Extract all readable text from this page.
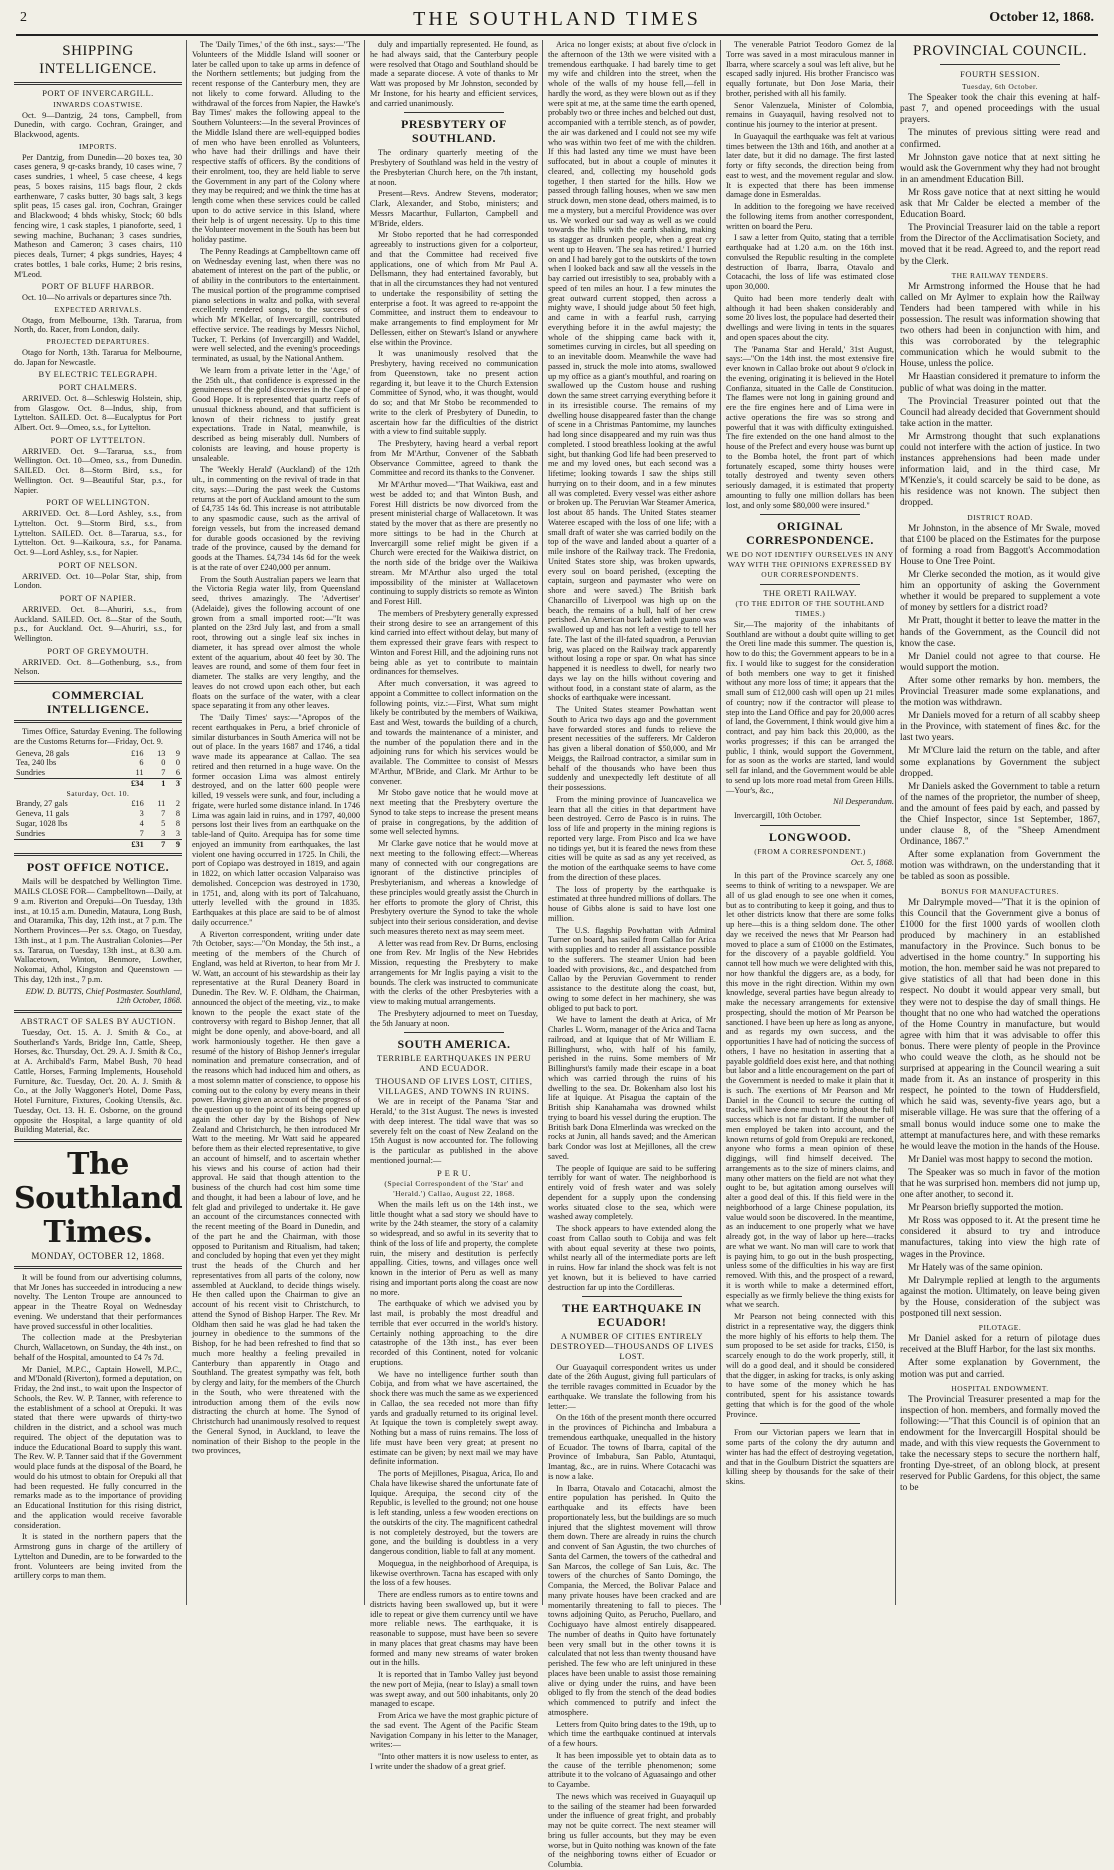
2	THE SOUTHLAND TIMES	October 12, 1868.
SHIPPING INTELLIGENCE.
PORT OF INVERCARGILL.
INWARDS COASTWISE.

Oct. 9—Dantzig, 24 tons, Campbell, from Dunedin, with cargo. Cochran, Grainger, and Blackwood, agents.

IMPORTS.

Per Dantzig, from Dunedin—20 boxes tea, 30 cases genera, 9 qr-casks brandy, 10 cases wine, 7 cases sundries, 1 wheel, 5 case cheese, 4 kegs peas, 5 boxes raisins, 115 bags flour, 2 ckds earthenware, 7 casks butter, 30 bags salt, 3 kegs split peas, 15 cases gal. iron, Cochran, Grainger and Blackwood; 4 bhds whisky, Stock; 60 bdls fencing wire, 1 cask staples, 1 pianoforte, seed, 1 sewing machine, Buchanan; 3 cases sundries, Matheson and Cameron; 3 cases chairs, 110 pieces deals, Turner; 4 pkgs sundries, Hayes; 4 crates bottles, 1 bale corks, Hume; 2 bris resins, M'Leod.

PORT OF BLUFF HARBOR.

Oct. 10—No arrivals or departures since 7th.

EXPECTED ARRIVALS.

Otago, from Melbourne, 13th. Tararua, from North, do. Racer, from London, daily.

PROJECTED DEPARTURES.

Otago for North, 13th. Tararua for Melbourne, do. Japan for Newcastle.

BY ELECTRIC TELEGRAPH.
PORT CHALMERS.

ARRIVED. Oct. 8—Schleswig Holstein, ship, from Glasgow. Oct. 8—Indus, ship, from Lyttelton. SAILED. Oct. 8—Eucalyptus for Port Albert. Oct. 9—Omeo, s.s., for Lyttelton.

PORT OF LYTTELTON.

ARRIVED. Oct. 9—Tararua, s.s., from Wellington. Oct. 10—Omeo, s.s., from Dunedin. SAILED. Oct. 8—Storm Bird, s.s., for Wellington. Oct. 9—Beautiful Star, p.s., for Napier.

PORT OF WELLINGTON.

ARRIVED. Oct. 8—Lord Ashley, s.s., from Lyttelton. Oct. 9—Storm Bird, s.s., from Lyttelton. SAILED. Oct. 8—Tararua, s.s., for Lyttelton. Oct. 9—Kaikoura, s.s., for Panama. Oct. 9—Lord Ashley, s.s., for Napier.

PORT OF NELSON.

ARRIVED. Oct. 10—Polar Star, ship, from London.

PORT OF NAPIER.

ARRIVED. Oct. 8—Ahuriri, s.s., from Auckland. SAILED. Oct. 8—Star of the South, p.s., for Auckland. Oct. 9—Ahuriri, s.s., for Wellington.

PORT OF GREYMOUTH.

ARRIVED. Oct. 8—Gothenburg, s.s., from Nelson.

COMMERCIAL INTELLIGENCE.

Times Office, Saturday Evening. The following are the Customs Returns for—Friday, Oct. 9.

Geneva, 28 gals	£16	13	9
Tea, 240 lbs	6	0	0
Sundries	11	7	6
	£34	1	3
Saturday, Oct. 10.
Brandy, 27 gals	£16	11	2
Geneva, 11 gals	3	7	8
Sugar, 1028 lbs	4	5	8
Sundries	7	3	3
	£31	7	9
POST OFFICE NOTICE.

Mails will be despatched by Wellington Time. MAILS CLOSE FOR— Campbelltown—Daily, at 9 a.m. Riverton and Orepuki—On Tuesday, 13th inst., at 10.15 a.m. Dunedin, Mataura, Long Bush, and Otaramika, This day, 12th inst., at 7 p.m. The Northern Provinces—Per s.s. Otago, on Tuesday, 13th inst., at 1 p.m. The Australian Colonies—Per s.s. Tararua, on Tuesday, 13th inst., at 8.30 a.m. Wallacetown, Winton, Benmore, Lowther, Nokomai, Athol, Kingston and Queenstown —This day, 12th inst., 7 p.m.

EDW. D. BUTTS, Chief Postmaster. Southland, 12th October, 1868.
ABSTRACT OF SALES BY AUCTION.

Tuesday, Oct. 15. A. J. Smith & Co., at Southerland's Yards, Bridge Inn, Cattle, Sheep, Horses, &c. Thursday, Oct. 29. A. J. Smith & Co., at A. Archibald's Farm, Mabel Bush, 70 head Cattle, Horses, Farming Implements, Household Furniture, &c. Tuesday, Oct. 20. A. J. Smith & Co., at the Jolly Waggoner's Hotel, Dome Pass, Hotel Furniture, Fixtures, Cooking Utensils, &c. Tuesday, Oct. 13. H. E. Osborne, on the ground opposite the Hospital, a large quantity of old Building Material, &c.

The Southland Times.
MONDAY, OCTOBER 12, 1868.

It will be found from our advertising columns, that Mr Jones has succeeded in introducing a new novelty. The Lenton Troupe are announced to appear in the Theatre Royal on Wednesday evening. We understand that their performances have proved successful in other localities.

The collection made at the Presbyterian Church, Wallacetown, on Sunday, the 4th inst., on behalf of the Hospital, amounted to £4 7s 7d.

Mr Daniel, M.P.C., Captain Howell, M.P.C., and M'Donald (Riverton), formed a deputation, on Friday, the 2nd inst., to wait upon the Inspector of Schools, the Rev. W. P. Tanner, with reference to the establishment of a school at Orepuki. It was stated that there were upwards of thirty-two children in the district, and a school was much required. The object of the deputation was to induce the Educational Board to supply this want. The Rev. W. P. Tanner said that if the Government would place funds at the disposal of the Board, he would do his utmost to obtain for Orepuki all that had been requested. He fully concurred in the remarks made as to the importance of providing an Educational Institution for this rising district, and the application would receive favorable consideration.

It is stated in the northern papers that the Armstrong guns in charge of the artillery of Lyttelton and Dunedin, are to be forwarded to the front. Volunteers are being invited from the artillery corps to man them.

The 'Daily Times,' of the 6th inst., says:—"The Volunteers of the Middle Island will sooner or later be called upon to take up arms in defence of the Northern settlements; but judging from the recent response of the Canterbury men, they are not likely to come forward. Alluding to the withdrawal of the forces from Napier, the Hawke's Bay Times' makes the following appeal to the Southern Volunteers:—In the several Provinces of the Middle Island there are well-equipped bodies of men who have been enrolled as Volunteers, who have had their drillings and have their respective staffs of officers. By the conditions of their enrolment, too, they are held liable to serve the Government in any part of the Colony where they may be required; and we think the time has at length come when these services could be called upon to do active service in this Island, where their help is of urgent necessity. Up to this time the Volunteer movement in the South has been but holiday pastime.

The Penny Readings at Campbelltown came off on Wednesday evening last, when there was no abatement of interest on the part of the public, or of ability in the contributors to the entertainment. The musical portion of the programme comprised piano selections in waltz and polka, with several excellently rendered songs, to the success of which Mr M'Kellar, of Invercargill, contributed effective service. The readings by Messrs Nichol, Tucker, T. Perkins (of Invercargill) and Waddel, were well selected, and the evening's proceedings terminated, as usual, by the National Anthem.

We learn from a private letter in the 'Age,' of the 25th ult., that confidence is expressed in the genuineness of the gold discoveries in the Cape of Good Hope. It is represented that quartz reefs of unusual thickness abound, and that sufficient is known of their richness to justify great expectations. Trade in Natal, meanwhile, is described as being miserably dull. Numbers of colonists are leaving, and house property is unsaleable.

The 'Weekly Herald' (Auckland) of the 12th ult., in commenting on the revival of trade in that city, says:—During the past week the Customs returns at the port of Auckland amount to the sum of £4,735 14s 6d. This increase is not attributable to any spasmodic cause, such as the arrival of foreign vessels, but from the increased demand for durable goods occasioned by the reviving trade of the province, caused by the demand for goods at the Thames. £4,734 14s 6d for the week is at the rate of over £240,000 per annum.

From the South Australian papers we learn that the Victoria Regia water lily, from Queensland seed, thrives amazingly. The 'Advertiser' (Adelaide), gives the following account of one grown from a small imported root:—"It was planted on the 23rd July last, and from a small root, throwing out a single leaf six inches in diameter, it has spread over almost the whole extent of the aquarium, about 40 feet by 30. The leaves are round, and some of them four feet in diameter. The stalks are very lengthy, and the leaves do not crowd upon each other, but each floats on the surface of the water, with a clear space separating it from any other leaves.

The 'Daily Times' says:—"Apropos of the recent earthquakes in Peru, a brief chronicle of similar disturbances in South America will not be out of place. In the years 1687 and 1746, a tidal wave made its appearance at Callao. The sea retired and then returned in a huge wave. On the former occasion Lima was almost entirely destroyed, and on the latter 600 people were killed, 19 vessels were sunk, and four, including a frigate, were hurled some distance inland. In 1746 Lima was again laid in ruins, and in 1797, 40,000 persons lost their lives from an earthquake on the table-land of Quito. Arequipa has for some time enjoyed an immunity from earthquakes, the last violent one having occurred in 1725. In Chili, the port of Copiapo was destroyed in 1819, and again in 1822, on which latter occasion Valparaiso was demolished. Concepcion was destroyed in 1730, in 1751, and, along with its port of Talcahuano, utterly levelled with the ground in 1835. Earthquakes at this place are said to be of almost daily occurrence."

A Riverton correspondent, writing under date 7th October, says:—"On Monday, the 5th inst., a meeting of the members of the Church of England, was held at Riverton, to hear from Mr J. W. Watt, an account of his stewardship as their lay representative at the Rural Deanery Board in Dunedin. The Rev. W. F. Oldham, the Chairman, announced the object of the meeting, viz., to make known to the people the exact state of the controversy with regard to Bishop Jenner, that all might be done openly, and above-board, and all work harmoniously together. He then gave a resumé of the history of Bishop Jenner's irregular nomination and premature consecration, and of the reasons which had induced him and others, as a most solemn matter of conscience, to oppose his coming out to the colony by every means in their power. Having given an account of the progress of the question up to the point of its being opened up again the other day by the Bishops of New Zealand and Christchurch, he then introduced Mr Watt to the meeting. Mr Watt said he appeared before them as their elected representative, to give an account of himself, and to ascertain whether his views and his course of action had their approval. He said that though attention to the business of the church had cost him some time and thought, it had been a labour of love, and he felt glad and privileged to undertake it. He gave an account of the circumstances connected with the recent meeting of the Board in Dunedin, and of the part he and the Chairman, with those opposed to Puritanism and Ritualism, had taken; and concluded by hoping that even yet they might trust the heads of the Church and her representatives from all parts of the colony, now assembled at Auckland, to decide things wisely. He then called upon the Chairman to give an account of his recent visit to Christchurch, to attend the Synod of Bishop Harper. The Rev. Mr Oldham then said he was glad he had taken the journey in obedience to the summons of the Bishop, for he had been refreshed to find that so much more healthy a feeling prevailed in Canterbury than apparently in Otago and Southland. The greatest sympathy was felt, both by clergy and laity, for the members of the Church in the South, who were threatened with the introduction among them of the evils now distracting the church at home. The Synod of Christchurch had unanimously resolved to request the General Synod, in Auckland, to leave the nomination of their Bishop to the people in the two provinces,

duly and impartially represented. He found, as he had always said, that the Canterbury people were resolved that Otago and Southland should be made a separate diocese. A vote of thanks to Mr Watt was proposed by Mr Johnston, seconded by Mr Instone, for his hearty and efficient services, and carried unanimously.

PRESBYTERY OF SOUTHLAND.

The ordinary quarterly meeting of the Presbytery of Southland was held in the vestry of the Presbyterian Church here, on the 7th instant, at noon.

Present—Revs. Andrew Stevens, moderator; Clark, Alexander, and Stobo, ministers; and Messrs Macarthur, Fullarton, Campbell and M'Bride, elders.

Mr Stobo reported that he had corresponded agreeably to instructions given for a colporteur, and that the Committee had received five applications, one of which from Mr Paul A. Dellsmann, they had entertained favorably, but that in all the circumstances they had not ventured to undertake the responsibility of setting the enterprise a foot. It was agreed to re-appoint the Committee, and instruct them to endeavour to make arrangements to find employment for Mr Dellessen, either on Stewart's Island or anywhere else within the Province.

It was unanimously resolved that the Presbytery, having received no communication from Queenstown, take no present action regarding it, but leave it to the Church Extension Committee of Synod, who, it was thought, would do so; and that Mr Stobo be recommended to write to the clerk of Presbytery of Dunedin, to ascertain how far the difficulties of the district with a view to find suitable supply.

The Presbytery, having heard a verbal report from Mr M'Arthur, Convener of the Sabbath Observance Committee, agreed to thank the Committee and record its thanks to the Convener.

Mr M'Arthur moved—"That Waikiwa, east and west be added to; and that Winton Bush, and Forest Hill districts be now divorced from the present ministerial charge of Wallacetown. It was stated by the mover that as there are presently no more sittings to be had in the Church at Invercargill some relief might be given if a Church were erected for the Waikiwa district, on the north side of the bridge over the Waikiwa stream. Mr M'Arthur also urged the total impossibility of the minister at Wallacetown continuing to supply districts so remote as Winton and Forest Hill.

The members of Presbytery generally expressed their strong desire to see an arrangement of this kind carried into effect without delay, but many of them expressed their grave fears with respect to Winton and Forest Hill, and the adjoining runs not being able as yet to contribute to maintain ordinances for themselves.

After much conversation, it was agreed to appoint a Committee to collect information on the following points, viz.:—First, What sum might likely be contributed by the members of Waikiwa, East and West, towards the building of a church, and towards the maintenance of a minister, and the number of the population there and in the adjoining runs for which his services would be available. The Committee to consist of Messrs M'Arthur, M'Bride, and Clark. Mr Arthur to be convener.

Mr Stobo gave notice that he would move at next meeting that the Presbytery overture the Synod to take steps to increase the present means of praise in congregations, by the addition of some well selected hymns.

Mr Clarke gave notice that he would move at next meeting to the following effect:—Whereas many of connected with our congregations are ignorant of the distinctive principles of Presbyterianism, and whereas a knowledge of these principles would greatly assist the Church in her efforts to promote the glory of Christ, this Presbytery overture the Synod to take the whole subject into their serious consideration, and devise such measures thereto next as may seem meet.

A letter was read from Rev. Dr Burns, enclosing one from Rev. Mr Inglis of the New Hebrides Mission, requesting the Presbytery to make arrangements for Mr Inglis paying a visit to the bounds. The clerk was instructed to communicate with the clerks of the other Presbyteries with a view to making mutual arrangements.

The Presbytery adjourned to meet on Tuesday, the 5th January at noon.

SOUTH AMERICA.
TERRIBLE EARTHQUAKES IN PERU AND ECUADOR.
THOUSAND OF LIVES LOST, CITIES, VILLAGES, AND TOWNS IN RUINS.

We are in receipt of the Panama 'Star and Herald,' to the 31st August. The news is invested with deep interest. The tidal wave that was so severely felt on the coast of New Zealand on the 15th August is now accounted for. The following is the particular as published in the above mentioned journal:—

P E R U.
(Special Correspondent of the 'Star' and 'Herald.') Callao, August 22, 1868.

When the mails left us on the 14th inst., we little thought what a sad story we should have to write by the 24th steamer, the story of a calamity so widespread, and so awful in its severity that to think of the loss of life and property, the complete ruin, the misery and destitution is perfectly appalling. Cities, towns, and villages once well known in the interior of Peru as well as many rising and important ports along the coast are now no more.

The earthquake of which we advised you by last mail, is probably the most dreadful and terrible that ever occurred in the world's history. Certainly nothing approaching to the dire catastrophe of the 13th inst., has ever been recorded of this Continent, noted for volcanic eruptions.

We have no intelligence further south than Cobija, and from what we have ascertained, the shock there was much the same as we experienced in Callao, the sea receded not more than fifty yards and gradually returned to its original level. At Iquique the town is completely swept away. Nothing but a mass of ruins remains. The loss of life must have been very great; at present no estimate can be given; by next mail we may have definite information.

The ports of Mejillones, Pisagua, Arica, Ilo and Chala have likewise shared the unfortunate fate of Iquique. Arequipa, the second city of the Republic, is levelled to the ground; not one house is left standing, unless a few wooden erections on the outskirts of the city. The magnificent cathedral is not completely destroyed, but the towers are gone, and the building is doubtless in a very dangerous condition, liable to fall at any moment.

Moquegua, in the neighborhood of Arequipa, is likewise overthrown. Tacna has escaped with only the loss of a few houses.

There are endless rumors as to entire towns and districts having been swallowed up, but it were idle to repeat or give them currency until we have more reliable news. The earthquake, it is reasonable to suppose, must have been so severe in many places that great chasms may have been formed and many new streams of water broken out in the hills.

It is reported that in Tambo Valley just beyond the new port of Mejia, (near to Islay) a small town was swept away, and out 500 inhabitants, only 20 managed to escape.

From Arica we have the most graphic picture of the sad event. The Agent of the Pacific Steam Navigation Company in his letter to the Manager, writes:—

"Into other matters it is now useless to enter, as I write under the shadow of a great grief.

Arica no longer exists; at about five o'clock in the afternoon of the 13th we were visited with a tremendous earthquake. I had barely time to get my wife and children into the street, when the whole of the walls of my house fell,—fell in hardly the word, as they were blown out as if they were spit at me, at the same time the earth opened, probably two or three inches and belched out dust, accompanied with a terrible stench, as of powder, the air was darkened and I could not see my wife who was within two feet of me with the children. If this had lasted any time we must have been suffocated, but in about a couple of minutes it cleared, and, collecting my household gods together, I then started for the hills. How we passed through falling houses, when we saw men struck down, men stone dead, others maimed, is to me a mystery, but a merciful Providence was over us. We worked our sad way as well as we could towards the hills with the earth shaking, making us stagger as drunken people, when a great cry went up to Heaven. 'The sea has retired.' I hurried on and I had barely got to the outskirts of the town when I looked back and saw all the vessels in the bay carried out irresistibly to sea, probably with a speed of ten miles an hour. I a few minutes the great outward current stopped, then across a mighty wave, I should judge about 50 feet high, and came in with a fearful rush, carrying everything before it in the awful majesty; the whole of the shipping came back with it, sometimes curving in circles, but all speeding on to an inevitable doom. Meanwhile the wave had passed in, struck the mole into atoms, swallowed up my office as a giant's mouthful, and roaring on swallowed up the Custom house and rushing down the same street carrying everything before it in its irresistible course. The remains of my dwelling house disappeared faster than the change of scene in a Christmas Pantomime, my launches had long since disappeared and my ruin was thus completed. I stood breathless looking at the awful sight, but thanking God life had been preserved to me and my loved ones, but each second was a lifetime; looking towards I saw the ships still hurrying on to their doom, and in a few minutes all was completed. Every vessel was either ashore or broken up. The Peruvian War Steamer America, lost about 85 hands. The United States steamer Wateree escaped with the loss of one life; with a small draft of water she was carried bodily on the top of the wave and landed about a quarter of a mile inshore of the Railway track. The Fredonia, United States store ship, was broken upwards, every soul on board perished, (excepting the captain, surgeon and paymaster who were on shore and were saved.) The British bark Chanarcillo of Liverpool was high up on the beach, the remains of a hull, half of her crew perished. An American bark laden with guano was swallowed up and has not left a vestige to tell her fate. The last of the ill-fated squadron, a Peruvian brig, was placed on the Railway track apparently without losing a rope or spar. On what has since happened it is needless to dwell, for nearly two days we lay on the hills without covering and without food, in a constant state of alarm, as the shocks of earthquake were incessant.

The United States steamer Powhattan went South to Arica two days ago and the government have forwarded stores and funds to relieve the present necessities of the sufferers. Mr Calderon has given a liberal donation of $50,000, and Mr Meiggs, the Railroad contractor, a similar sum in behalf of the thousands who have been thus suddenly and unexpectedly left destitute of all their possessions.

From the mining province of Juancavelica we learn that all the cities in that department have been destroyed. Cerro de Pasco is in ruins. The loss of life and property in the mining regions is reported very large. From Pisco and Ica we have no tidings yet, but it is feared the news from these cities will be quite as sad as any yet received, as the motion of the earthquake seems to have come from the direction of these places.

The loss of property by the earthquake is estimated at three hundred millions of dollars. The house of Gibbs alone is said to have lost one million.

The U.S. flagship Powhattan with Admiral Turner on board, has sailed from Callao for Arica with supplies and to render all assistance possible to the sufferers. The steamer Union had been loaded with provisions, &c., and despatched from Callao by the Peruvian Government to render assistance to the destitute along the coast, but, owing to some defect in her machinery, she was obliged to put back to port.

We have to lament the death at Arica, of Mr Charles L. Worm, manager of the Arica and Tacna railroad, and at Iquique that of Mr William E. Billinghurst, who, with half of his family, perished in the ruins. Some members of Mr Billinghurst's family made their escape in a boat which was carried through the ruins of his dwelling to the sea. Dr. Bokenham also lost his life at Iquique. At Pisagua the captain of the British ship Kanahamaha was drowned whilst trying to board his vessel during the eruption. The British bark Dona Elmerlinda was wrecked on the rocks at Junin, all hands saved; and the American bark Condor was lost at Mejillones, all the crew saved.

The people of Iquique are said to be suffering terribly for want of water. The neighborhood is entirely void of fresh water and was solely dependent for a supply upon the condensing works situated close to the sea, which were washed away completely.

The shock appears to have extended along the coast from Callao south to Cobija and was felt with about equal severity at these two points, whilst nearly all of the intermediate ports are left in ruins. How far inland the shock was felt is not yet known, but it is believed to have carried destruction far up into the Cordilleras.

THE EARTHQUAKE IN ECUADOR!
A NUMBER OF CITIES ENTIRELY DESTROYED—THOUSANDS OF LIVES LOST.

Our Guayaquil correspondent writes us under date of the 26th August, giving full particulars of the terrible ravages committed in Ecuador by the earthquake. We translate the following from his letter:—

On the 16th of the present month there occurred in the provinces of Pichincha and Imbabura a tremendous earthquake, unequalled in the history of Ecuador. The towns of Ibarra, capital of the Province of Imbabura, San Pablo, Atuntaqui, Imantag, &c., are in ruins. Where Cotacachi was is now a lake.

In Ibarra, Otavalo and Cotacachi, almost the entire population has perished. In Quito the earthquake and its effects have been proportionately less, but the buildings are so much injured that the slightest movement will throw them down. There are already in ruins the church and convent of San Agustin, the two churches of Santa del Carmen, the towers of the cathedral and San Marcos, the college of San Luis, &c. The towers of the churches of Santo Domingo, the Compania, the Merced, the Bolivar Palace and many private houses have been cracked and are momentarily threatening to fall to pieces. The towns adjoining Quito, as Perucho, Puellaro, and Cochiguayo have almost entirely disappeared. The number of deaths in Quito have fortunately been very small but in the other towns it is calculated that not less than twenty thousand have perished. The few who are left uninjured in these places have been unable to assist those remaining alive or dying under the ruins, and have been obliged to fly from the stench of the dead bodies which commenced to putrify and infect the atmosphere.

Letters from Quito bring dates to the 19th, up to which time the earthquake continued at intervals of a few hours.

It has been impossible yet to obtain data as to the cause of the terrible phenomenon; some attribute it to the volcano of Aguasaingo and other to Cayambe.

The news which was received in Guayaquil up to the sailing of the steamer had been forwarded under the influence of great fright, and probably may not be quite correct. The next steamer will bring us fuller accounts, but they may be even worse, but in Quito nothing was known of the fate of the neighboring towns either of Ecuador or Columbia.

The venerable Patriot Teodoro Gomez de la Torre was saved in a most miraculous manner in Ibarra, where scarcely a soul was left alive, but he escaped sadly injured. His brother Francisco was equally fortunate, but Don Jose Maria, their brother, perished with all his family.

Senor Valenzuela, Minister of Colombia, remains in Guayaquil, having resolved not to continue his journey to the interior at present.

In Guayaquil the earthquake was felt at various times between the 13th and 16th, and another at a later date, but it did no damage. The first lasted forty or fifty seconds, the direction being from east to west, and the movement regular and slow. It is expected that there has been immense damage done in Esmeraldas.

In addition to the foregoing we have received the following items from another correspondent, written on board the Peru.

I saw a letter from Quito, stating that a terrible earthquake had at 1.20 a.m. on the 16th inst. convulsed the Republic resulting in the complete destruction of Ibarra, Ibarra, Otavalo and Cotacachi, the loss of life was estimated close upon 30,000.

Quito had been more tenderly dealt with although it had been shaken considerably and some 20 lives lost, the populace had deserted their dwellings and were living in tents in the squares and open spaces about the city.

The 'Panama Star and Herald,' 31st August, says:—"On the 14th inst. the most extensive fire ever known in Callao broke out about 9 o'clock in the evening, originating it is believed in the Hotel Confianza, situated in the Calle de Constitucion. The flames were not long in gaining ground and ere the fire engines here and of Lima were in active operations the fire was so strong and powerful that it was with difficulty extinguished. The fire extended on the one hand almost to the house of the Prefect and every house was burnt up to the Bomba hotel, the front part of which fortunately escaped, some thirty houses were totally destroyed and twenty seven others seriously damaged, it is estimated that property amounting to fully one million dollars has been lost, and only some $80,000 were insured."

ORIGINAL CORRESPONDENCE.
WE DO NOT IDENTIFY OURSELVES IN ANY WAY WITH THE OPINIONS EXPRESSED BY OUR CORRESPONDENTS.
THE ORETI RAILWAY.
(TO THE EDITOR OF THE SOUTHLAND TIMES.)

Sir,—The majority of the inhabitants of Southland are without a doubt quite willing to get the Oreti line made this summer. The question is, how to do this; the Government appears to be in a fix. I would like to suggest for the consideration of both members one way to get it finished without any more loss of time; it appears that the small sum of £12,000 cash will open up 21 miles of country; now if the contractor will please to step into the Land Office and pay for 20,000 acres of land, the Government, I think would give him a contract, and pay him back this 20,000, as the works progresses; if this can be arranged the public, I think, would support the Government, for as soon as the works are started, land would sell far inland, and the Government would be able to send up lots more road metal from Green Hills.—Your's, &c.,

Nil Desperandum.

Invercargill, 10th October.

LONGWOOD.
(FROM A CORRESPONDENT.)
Oct. 5, 1868.

In this part of the Province scarcely any one seems to think of writing to a newspaper. We are all of us glad enough to see one when it comes, but as to contributing to keep it going, and thus to let other districts know that there are some folks up here—this is a thing seldom done. The other day we received the news that Mr Pearson had moved to place a sum of £1000 on the Estimates, for the discovery of a payable goldfield. You cannot tell how much we were delighted with this, nor how thankful the diggers are, as a body, for this move in the right direction. Within my own knowledge, several parties have begun already to make the necessary arrangements for extensive prospecting, should the motion of Mr Pearson be sanctioned. I have been up here as long as anyone, and as regards my own success, and the opportunities I have had of noticing the success of others, I have no hesitation in asserting that a payable goldfield does exist here, and that nothing but labor and a little encouragement on the part of the Government is needed to make it plain that it is such. The exertions of Mr Pearson and Mr Daniel in the Council to secure the cutting of tracks, will have done much to bring about the full success which is not far distant. If the number of men employed be taken into account, and the known returns of gold from Orepuki are reckoned, anyone who forms a mean opinion of these diggings, will find himself deceived. The arrangements as to the size of miners claims, and many other matters on the field are not what they ought to be, but agitation among ourselves will alter a good deal of this. If this field were in the neighborhood of a large Chinese population, its value would soon be discovered. In the meantime, as an inducement to one properly what we have already got, in the way of labor up here—tracks are what we want. No man will care to work that is paying him, to go out in the bush prospecting, unless some of the difficulties in his way are first removed. With this, and the prospect of a reward, it is worth while to make a determined effort, especially as we firmly believe the thing exists for what we search.

Mr Pearson not being connected with this district in a representative way, the diggers think the more highly of his efforts to help them. The sum proposed to be set aside for tracks, £150, is scarcely enough to do the work properly, still, it will do a good deal, and it should be considered that the digger, in asking for tracks, is only asking to have some of the money which he has contributed, spent for his assistance towards getting that which is for the good of the whole Province.

From our Victorian papers we learn that in some parts of the colony the dry autumn and winter has had the effect of destroying vegetation, and that in the Goulburn District the squatters are killing sheep by thousands for the sake of their skins.

PROVINCIAL COUNCIL.
FOURTH SESSION.
Tuesday, 6th October.

The Speaker took the chair this evening at half-past 7, and opened proceedings with the usual prayers.

The minutes of previous sitting were read and confirmed.

Mr Johnston gave notice that at next sitting he would ask the Government why they had not brought in an amendment Education Bill.

Mr Ross gave notice that at next sitting he would ask that Mr Calder be elected a member of the Education Board.

The Provincial Treasurer laid on the table a report from the Director of the Acclimatisation Society, and moved that it be read. Agreed to, and the report read by the Clerk.

THE RAILWAY TENDERS.

Mr Armstrong informed the House that he had called on Mr Aylmer to explain how the Railway Tenders had been tampered with while in his possession. The result was information showing that two others had been in conjunction with him, and this was corroborated by the telegraphic communication which he would submit to the House, unless the police.

Mr Haastian considered it premature to inform the public of what was doing in the matter.

The Provincial Treasurer pointed out that the Council had already decided that Government should take action in the matter.

Mr Armstrong thought that such explanations could not interfere with the action of justice. In two instances apprehensions had been made under information laid, and in the third case, Mr M'Kenzie's, it could scarcely be said to be done, as his residence was not known. The subject then dropped.

DISTRICT ROAD.

Mr Johnston, in the absence of Mr Swale, moved that £100 be placed on the Estimates for the purpose of forming a road from Baggott's Accommodation House to One Tree Point.

Mr Clerke seconded the motion, as it would give him an opportunity of asking the Government whether it would be prepared to supplement a vote of money by settlers for a district road?

Mr Pratt, thought it better to leave the matter in the hands of the Government, as the Council did not know the case.

Mr Daniel could not agree to that course. He would support the motion.

After some other remarks by hon. members, the Provincial Treasurer made some explanations, and the motion was withdrawn.

Mr Daniels moved for a return of all scabby sheep in the Province, with statement of fines &c. for the last two years.

Mr M'Clure laid the return on the table, and after some explanations by Government the subject dropped.

Mr Daniels asked the Government to table a return of the names of the proprietor, the number of sheep, and the amount of fees paid by each, and passed by the Chief Inspector, since 1st September, 1867, under clause 8, of the "Sheep Amendment Ordinance, 1867."

After some explanation from Government the motion was withdrawn, on the understanding that it be tabled as soon as possible.

BONUS FOR MANUFACTURES.

Mr Dalrymple moved—"That it is the opinion of this Council that the Government give a bonus of £1000 for the first 1000 yards of woollen cloth produced by machinery in an established manufactory in the Province. Such bonus to be advertised in the home country." In supporting his motion, the hon. member said he was not prepared to give statistics of all that had been done in this respect. No doubt it would appear very small, but they were not to despise the day of small things. He thought that no one who had watched the operations of the Home Country in manufacture, but would agree with him that it was advisable to offer this bonus. There were plenty of people in the Province who could weave the cloth, as he should not be surprised at appearing in the Council wearing a suit made from it. As an instance of prosperity in this respect, he pointed to the town of Huddersfield, which he said was, seventy-five years ago, but a miserable village. He was sure that the offering of a small bonus would induce some one to make the attempt at manufactures here, and with these remarks he would leave the motion in the hands of the House.

Mr Daniel was most happy to second the motion.

The Speaker was so much in favor of the motion that he was surprised hon. members did not jump up, one after another, to second it.

Mr Pearson briefly supported the motion.

Mr Ross was opposed to it. At the present time he considered it absurd to try and introduce manufactures, taking into view the high rate of wages in the Province.

Mr Hately was of the same opinion.

Mr Dalrymple replied at length to the arguments against the motion. Ultimately, on leave being given by the House, consideration of the subject was postponed till next session.

PILOTAGE.

Mr Daniel asked for a return of pilotage dues received at the Bluff Harbor, for the last six months.

After some explanation by Government, the motion was put and carried.

HOSPITAL ENDOWMENT.

The Provincial Treasurer presented a map for the inspection of hon. members, and formally moved the following:—"That this Council is of opinion that an endowment for the Invercargill Hospital should be made, and with this view requests the Government to take the necessary steps to secure the northern half, fronting Dye-street, of an oblong block, at present reserved for Public Gardens, for this object, the same to be
